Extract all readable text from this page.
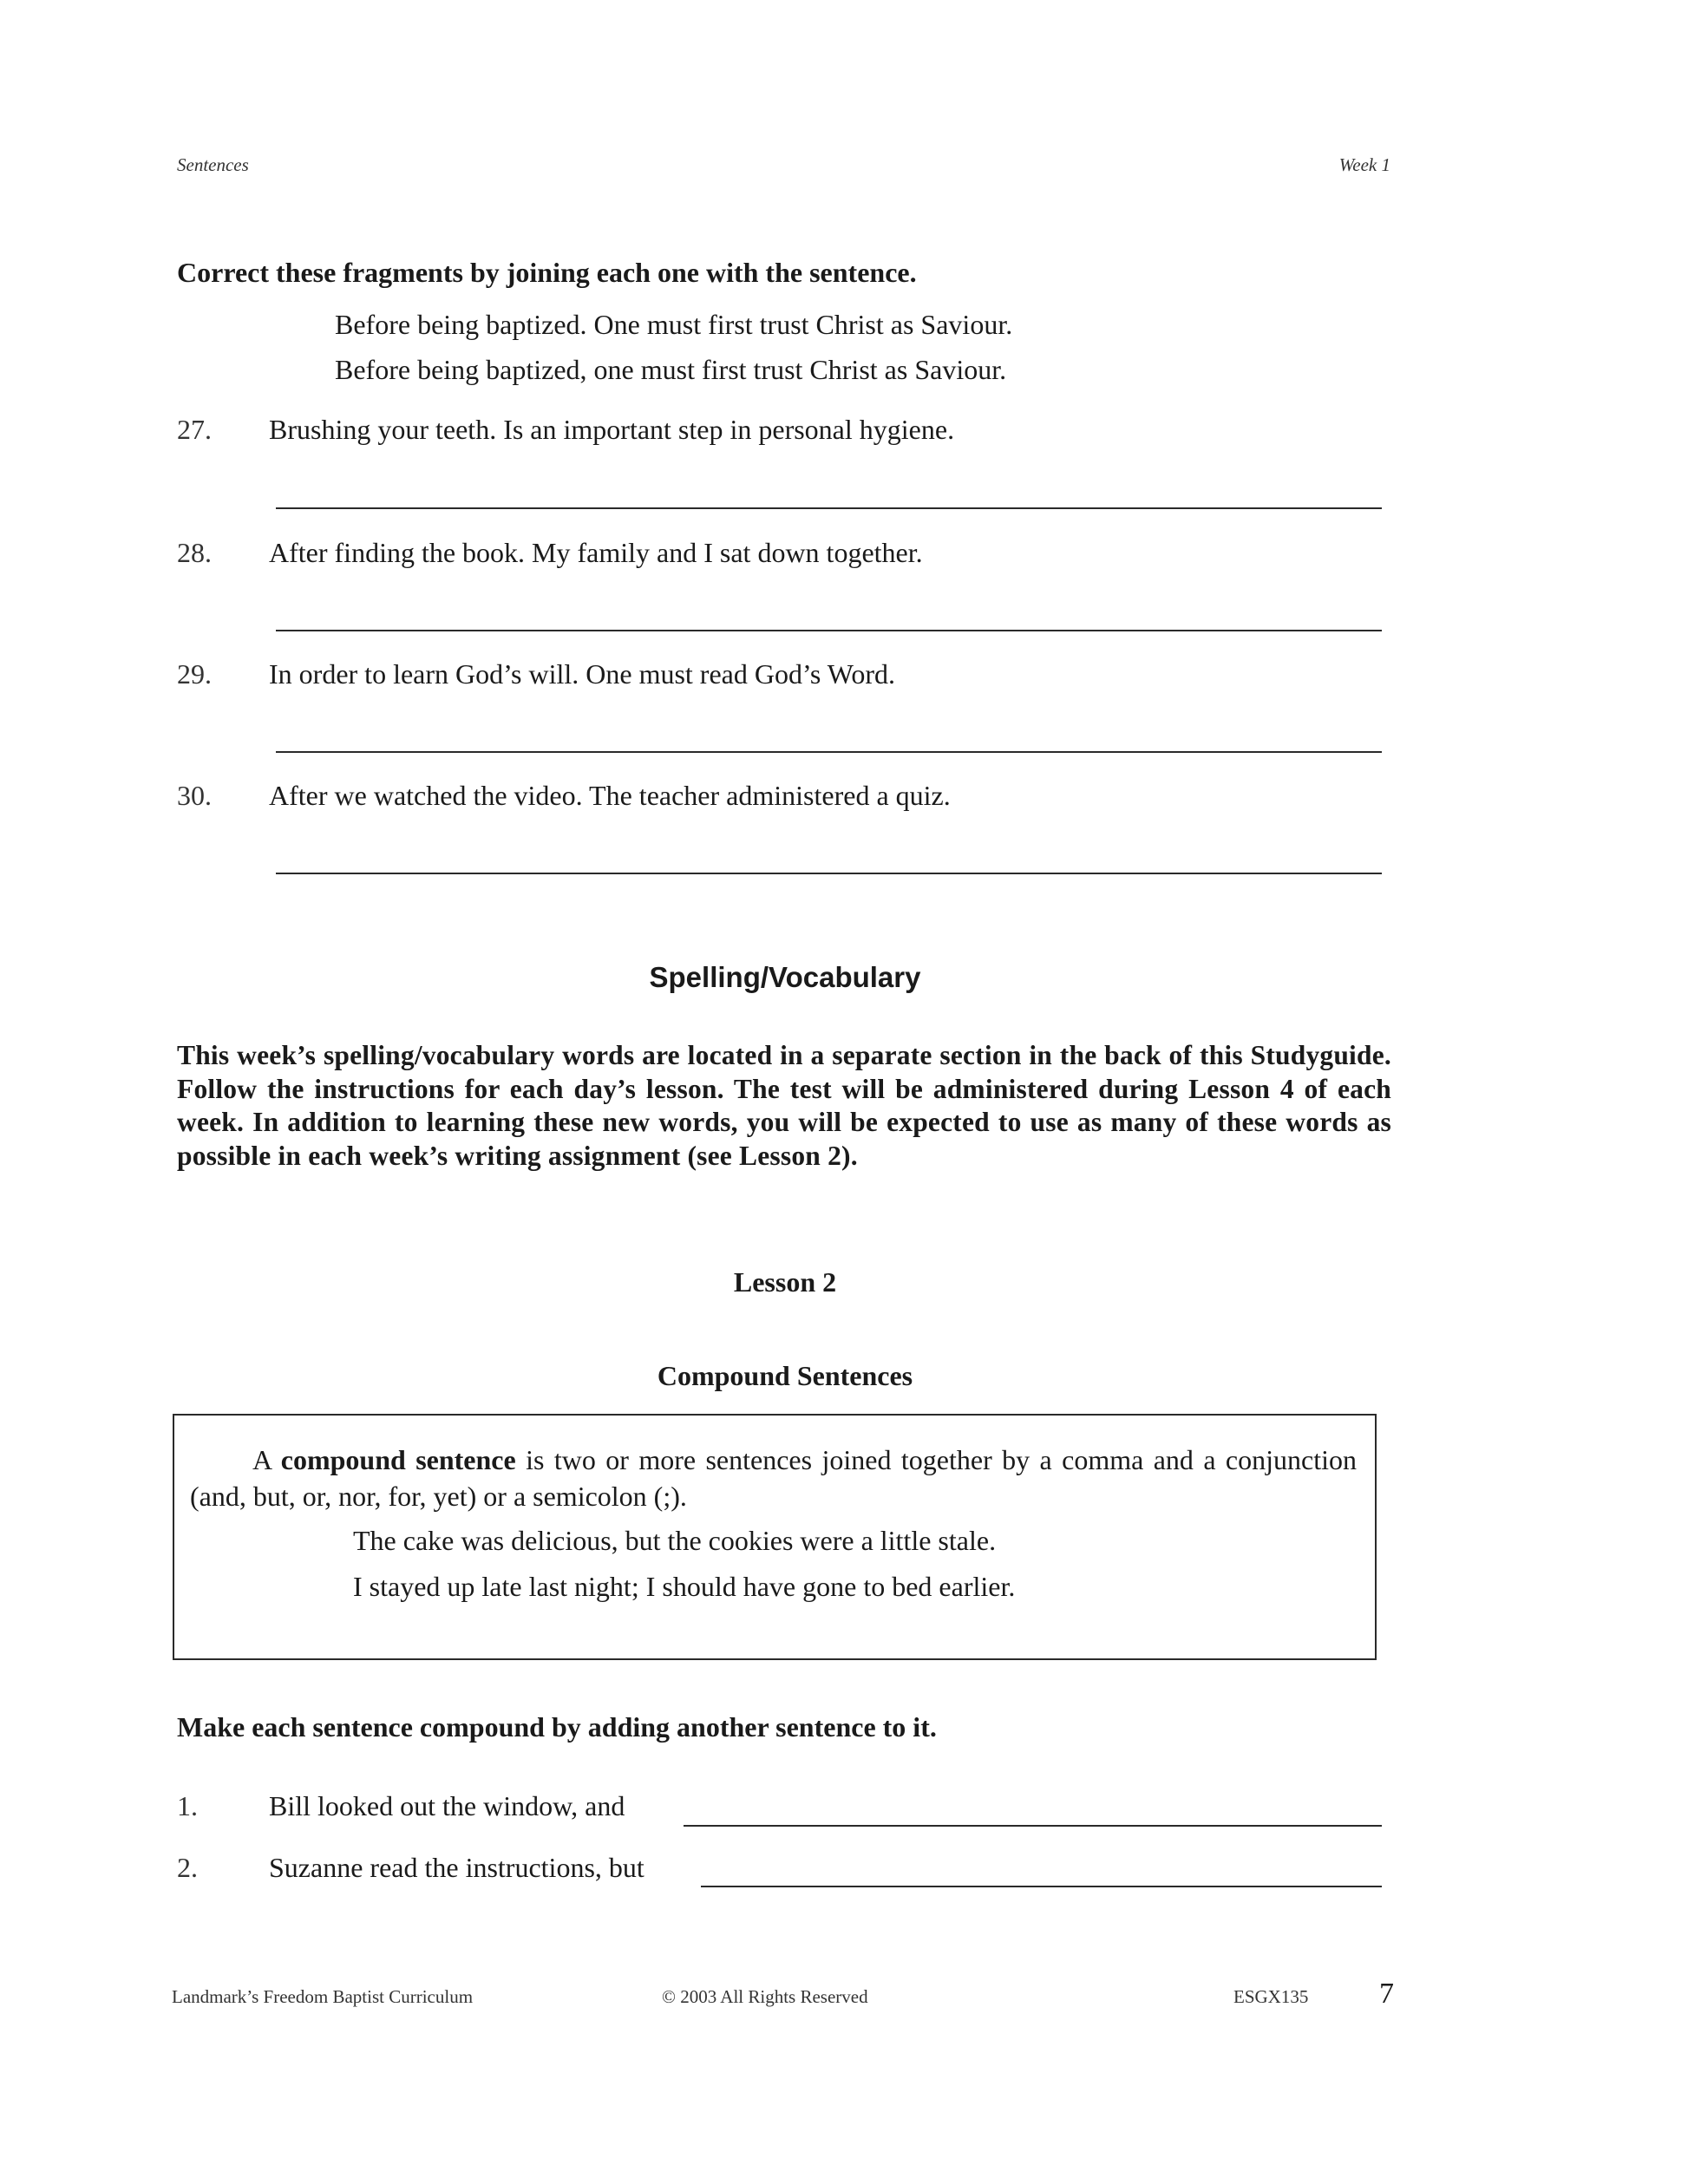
Sentences	Week 1
Correct these fragments by joining each one with the sentence.
Before being baptized. One must first trust Christ as Saviour.
Before being baptized, one must first trust Christ as Saviour.
27. Brushing your teeth. Is an important step in personal hygiene.
28. After finding the book. My family and I sat down together.
29. In order to learn God’s will. One must read God’s Word.
30. After we watched the video. The teacher administered a quiz.
Spelling/Vocabulary
This week’s spelling/vocabulary words are located in a separate section in the back of this Studyguide. Follow the instructions for each day’s lesson. The test will be administered during Lesson 4 of each week. In addition to learning these new words, you will be expected to use as many of these words as possible in each week’s writing assignment (see Lesson 2).
Lesson 2
Compound Sentences
A compound sentence is two or more sentences joined together by a comma and a conjunction (and, but, or, nor, for, yet) or a semicolon (;).
The cake was delicious, but the cookies were a little stale.
I stayed up late last night; I should have gone to bed earlier.
Make each sentence compound by adding another sentence to it.
1.	Bill looked out the window, and
2.	Suzanne read the instructions, but
Landmark’s Freedom Baptist Curriculum	© 2003 All Rights Reserved	ESGX135 7
